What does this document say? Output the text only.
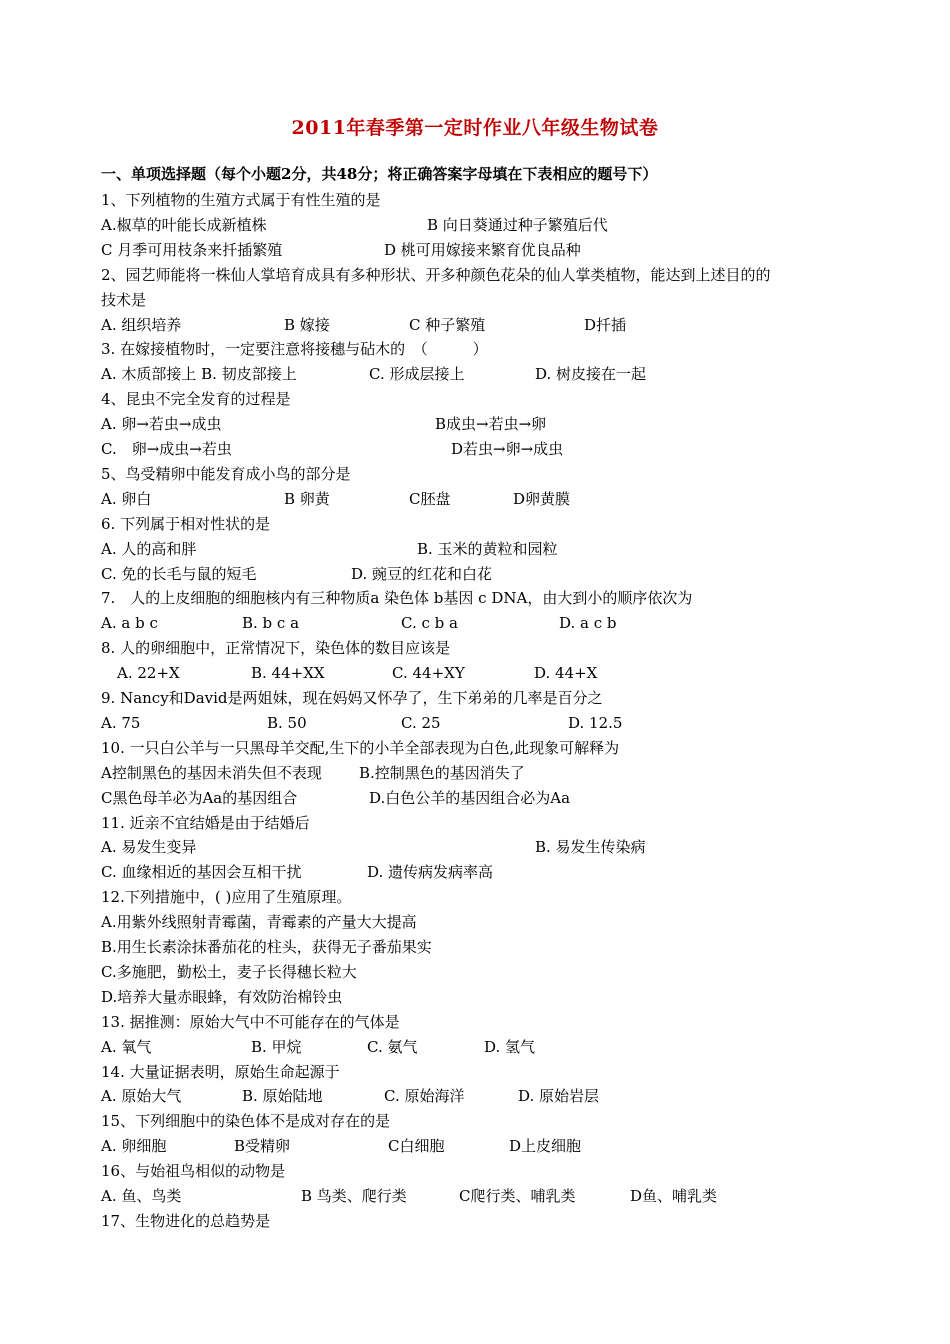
2011年春季第一定时作业八年级生物试卷
一、单项选择题（每个小题2分，共48分；将正确答案字母填在下表相应的题号下）
1、下列植物的生殖方式属于有性生殖的是
A.椒草的叶能长成新植株	B 向日葵通过种子繁殖后代
C 月季可用枝条来扦插繁殖	D 桃可用嫁接来繁育优良品种
2、园艺师能将一株仙人掌培育成具有多种形状、开多种颜色花朵的仙人掌类植物，能达到上述目的的
技术是
A. 组织培养	B 嫁接	C 种子繁殖	D扦插
3. 在嫁接植物时，一定要注意将接穗与砧木的　（　　　）
A. 木质部接上 B. 韧皮部接上	C. 形成层接上	D. 树皮接在一起
4、昆虫不完全发育的过程是
A. 卵→若虫→成虫	B成虫→若虫→卵
C.　卵→成虫→若虫	D若虫→卵→成虫
5、鸟受精卵中能发育成小鸟的部分是
A. 卵白	B 卵黄	C胚盘	D卵黄膜
6. 下列属于相对性状的是
A. 人的高和胖	B. 玉米的黄粒和园粒
C. 免的长毛与鼠的短毛	D. 豌豆的红花和白花
7.　人的上皮细胞的细胞核内有三种物质a 染色体 b基因 c DNA，由大到小的顺序依次为
A. a b c	B. b c a	C. c b a	D. a c b
8. 人的卵细胞中，正常情况下，染色体的数目应该是
A. 22+X	B. 44+XX	C. 44+XY	D. 44+X
9. Nancy和David是两姐妹，现在妈妈又怀孕了，生下弟弟的几率是百分之
A. 75	B. 50	C. 25	D. 12.5
10. 一只白公羊与一只黑母羊交配,生下的小羊全部表现为白色,此现象可解释为
A控制黑色的基因未消失但不表现 B.控制黑色的基因消失了
C黑色母羊必为Aa的基因组合	D.白色公羊的基因组合必为Aa
11. 近亲不宜结婚是由于结婚后
A. 易发生变异	B. 易发生传染病
C. 血缘相近的基因会互相干扰	D. 遗传病发病率高
12.下列措施中，( )应用了生殖原理。
A.用紫外线照射青霉菌，青霉素的产量大大提高
B.用生长素涂抹番茄花的柱头，获得无子番茄果实
C.多施肥，勤松土，麦子长得穗长粒大
D.培养大量赤眼蜂，有效防治棉铃虫
13. 据推测：原始大气中不可能存在的气体是
A. 氧气	B. 甲烷	C. 氨气	D. 氢气
14. 大量证据表明，原始生命起源于
A. 原始大气	B. 原始陆地	C. 原始海洋	D. 原始岩层
15、下列细胞中的染色体不是成对存在的是
A. 卵细胞	B受精卵	C白细胞	D上皮细胞
16、与始祖鸟相似的动物是
A. 鱼、鸟类	B 鸟类、爬行类	C爬行类、哺乳类	D鱼、哺乳类
17、生物进化的总趋势是
